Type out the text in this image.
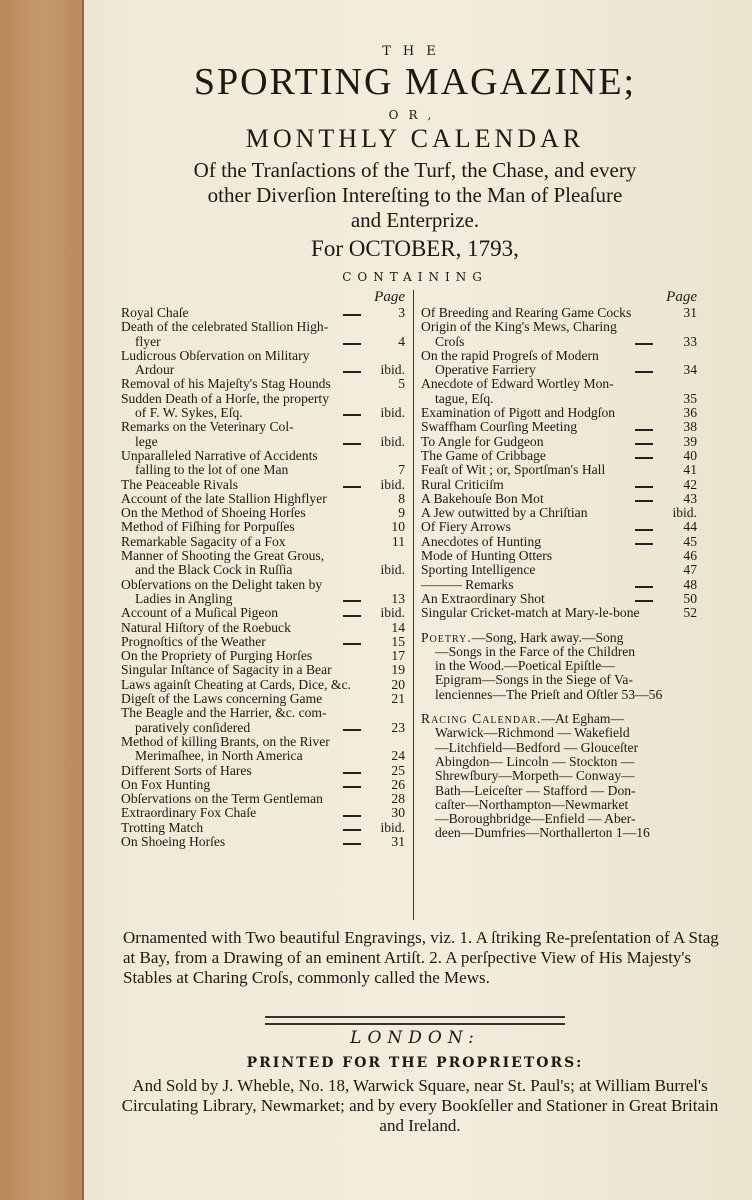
THE
SPORTING MAGAZINE;
OR,
MONTHLY CALENDAR
Of the Tranſactions of the Turf, the Chase, and every
other Diverſion Intereſting to the Man of Pleaſure
and Enterprize.
For OCTOBER, 1793,
CONTAINING
Page
Royal Chaſe	3
Death of the celebrated Stallion High-
flyer	4
Ludicrous Obſervation on Military
Ardour	ibid.
Removal of his Majeſty's Stag Hounds	5
Sudden Death of a Horſe, the property
of F. W. Sykes, Eſq.	ibid.
Remarks on the Veterinary Col-
lege	ibid.
Unparalleled Narrative of Accidents
falling to the lot of one Man	7
The Peaceable Rivals	ibid.
Account of the late Stallion Highflyer	8
On the Method of Shoeing Horſes	9
Method of Fiſhing for Porpuſſes	10
Remarkable Sagacity of a Fox	11
Manner of Shooting the Great Grous,
and the Black Cock in Ruſſia	ibid.
Obſervations on the Delight taken by
Ladies in Angling	13
Account of a Muſical Pigeon	ibid.
Natural Hiſtory of the Roebuck	14
Prognoſtics of the Weather	15
On the Propriety of Purging Horſes	17
Singular Inſtance of Sagacity in a Bear	19
Laws againſt Cheating at Cards, Dice, &c.	20
Digeſt of the Laws concerning Game	21
The Beagle and the Harrier, &c. com-
paratively conſidered	23
Method of killing Brants, on the River
Merimaſhee, in North America	24
Different Sorts of Hares	25
On Fox Hunting	26
Obſervations on the Term Gentleman	28
Extraordinary Fox Chaſe	30
Trotting Match	ibid.
On Shoeing Horſes	31
Page
Of Breeding and Rearing Game Cocks	31
Origin of the King's Mews, Charing
Croſs	33
On the rapid Progreſs of Modern
Operative Farriery	34
Anecdote of Edward Wortley Mon-
tague, Eſq.	35
Examination of Pigott and Hodgſon	36
Swaffham Courſing Meeting	38
To Angle for Gudgeon	39
The Game of Cribbage	40
Feaſt of Wit ; or, Sportſman's Hall	41
Rural Criticiſm	42
A Bakehouſe Bon Mot	43
A Jew outwitted by a Chriſtian	ibid.
Of Fiery Arrows	44
Anecdotes of Hunting	45
Mode of Hunting Otters	46
Sporting Intelligence	47
——— Remarks	48
An Extraordinary Shot	50
Singular Cricket-match at Mary-le-bone	52
Poetry.—Song, Hark away.—Song
—Songs in the Farce of the Children
in the Wood.—Poetical Epiſtle—
Epigram—Songs in the Siege of Va-
lenciennes—The Prieſt and Oſtler 53—56
Racing Calendar.—At Egham—
Warwick—Richmond — Wakefield
—Litchfield—Bedford — Glouceſter
Abingdon— Lincoln — Stockton —
Shrewſbury—Morpeth— Conway—
Bath—Leiceſter — Stafford — Don-
caſter—Northampton—Newmarket
—Boroughbridge—Enfield — Aber-
deen—Dumfries—Northallerton 1—16
Ornamented with Two beautiful Engravings, viz. 1. A ſtriking Re-preſentation of A Stag at Bay, from a Drawing of an eminent Artiſt. 2. A perſpective View of His Majesty's Stables at Charing Croſs, commonly called the Mews.
LONDON:
PRINTED FOR THE PROPRIETORS:
And Sold by J. Wheble, No. 18, Warwick Square, near St. Paul's; at William Burrel's Circulating Library, Newmarket; and by every Bookſeller and Stationer in Great Britain and Ireland.
